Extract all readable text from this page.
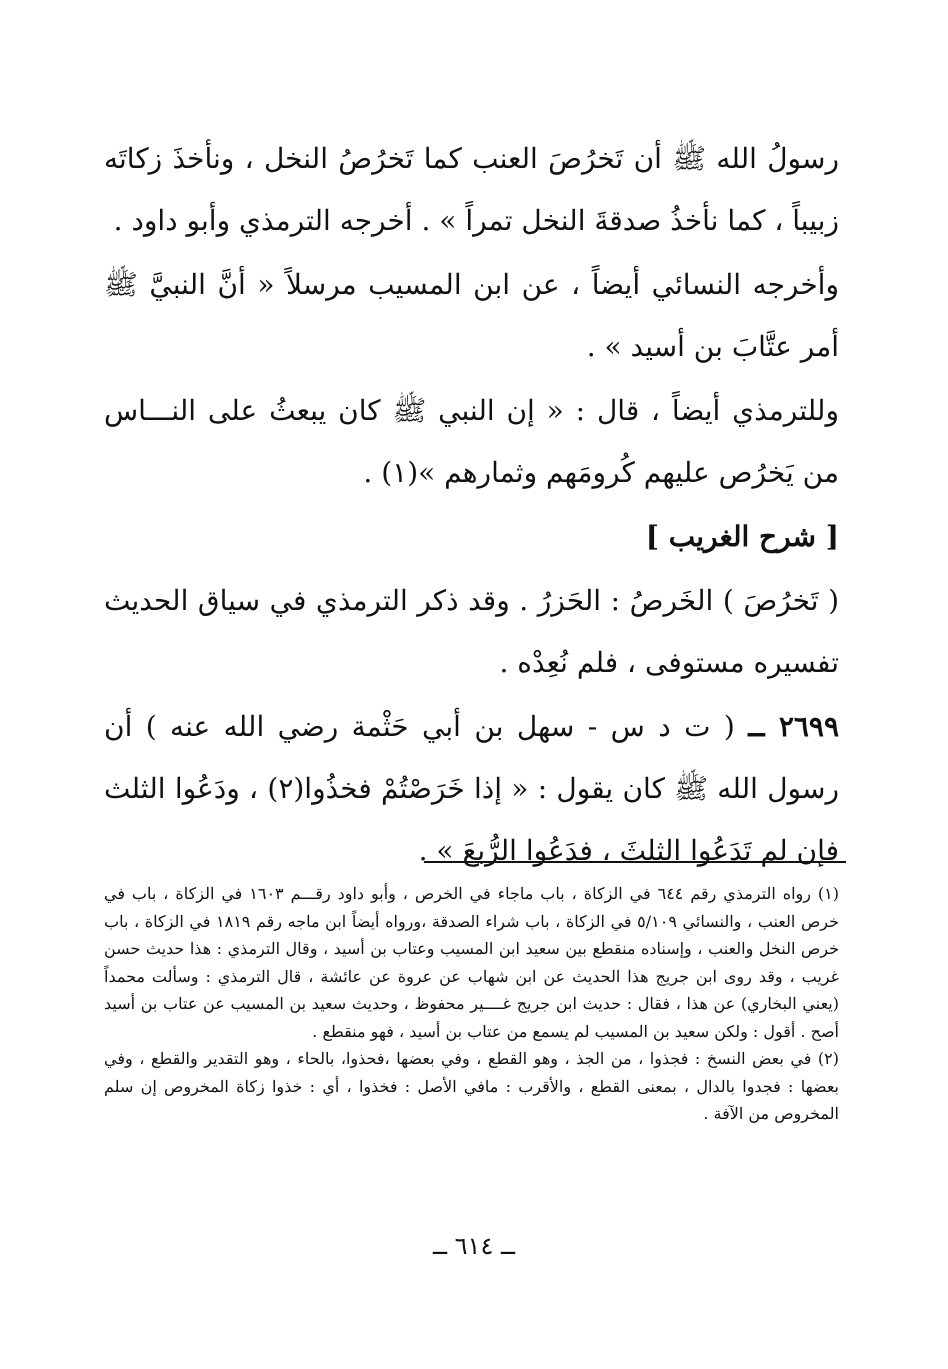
رسولُ الله ﷺ أن تَخرُصَ العنب كما تَخرُصُ النخل ، ونأخذَ زكاتَه زبيباً ، كما نأخذُ صدقةَ النخل تمراً » . أخرجه الترمذي وأبو داود .

وأخرجه النسائي أيضاً ، عن ابن المسيب مرسلاً « أنَّ النبيَّ ﷺ أمر عتَّابَ بن أسيد » .

وللترمذي أيضاً ، قال : « إن النبي ﷺ كان يبعثُ على النـــاس من يَخرُص عليهم كُرومَهم وثمارهم »(١) .

[ شرح الغريب ]

( تَخرُصَ ) الخَرصُ : الحَزرُ . وقد ذكر الترمذي في سياق الحديث تفسيره مستوفى ، فلم نُعِدْه .

٢٦٩٩ ــ ( ت د س - سهل بن أبي حَثْمة رضي الله عنه ) أن رسول الله ﷺ كان يقول : « إذا خَرَصْتُمْ فخذُوا(٢) ، ودَعُوا الثلث فإن لم تَدَعُوا الثلثَ ، فدَعُوا الرُّبعَ » .

(١) رواه الترمذي رقم ٦٤٤ في الزكاة ، باب ماجاء في الخرص ، وأبو داود رقـــم ١٦٠٣ في الزكاة ، باب في خرص العنب ، والنسائي ٥/١٠٩ في الزكاة ، باب شراء الصدقة ،ورواه أيضاً ابن ماجه رقم ١٨١٩ في الزكاة ، باب خرص النخل والعنب ، وإسناده منقطع بين سعيد ابن المسيب وعتاب بن أسيد ، وقال الترمذي : هذا حديث حسن غريب ، وقد روى ابن جريج هذا الحديث عن ابن شهاب عن عروة عن عائشة ، قال الترمذي : وسألت محمداً (يعني البخاري) عن هذا ، فقال : حديث ابن جريج غــــير محفوظ ، وحديث سعيد بن المسيب عن عتاب بن أسيد أصح . أقول : ولكن سعيد بن المسيب لم يسمع من عتاب بن أسيد ، فهو منقطع .

(٢) في بعض النسخ : فجذوا ، من الجذ ، وهو القطع ، وفي بعضها ،فحذوا، بالحاء ، وهو التقدير والقطع ، وفي بعضها : فجدوا بالدال ، بمعنى القطع ، والأقرب : مافي الأصل : فخذوا ، أي : خذوا زكاة المخروص إن سلم المخروص من الآفة .

ــ ٦١٤ ــ
